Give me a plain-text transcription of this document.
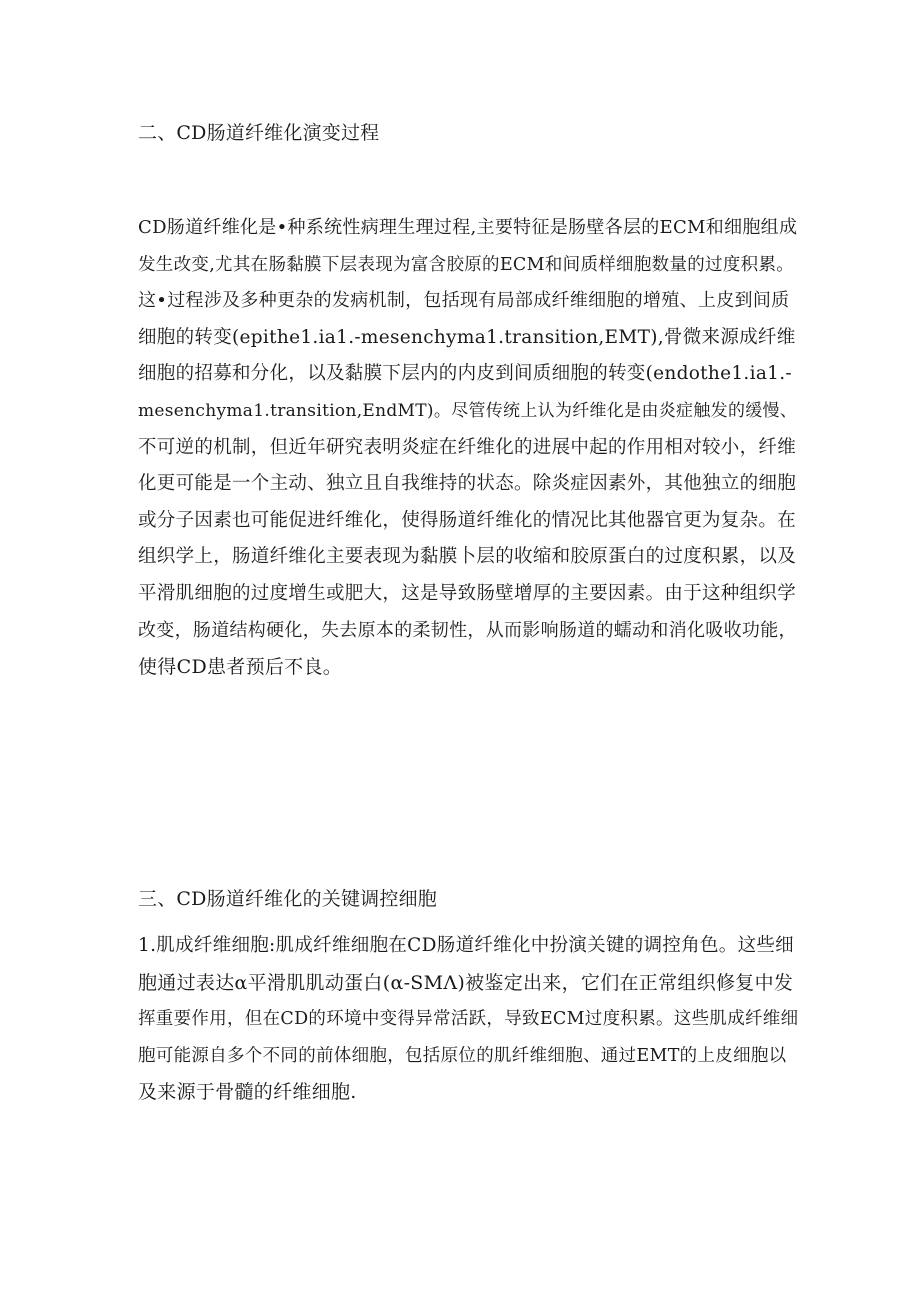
二、CD肠道纤维化演变过程
CD肠道纤维化是•种系统性病理生理过程,主要特征是肠壁各层的ECM和细胞组成
发生改变,尤其在肠黏膜下层表现为富含胶原的ECM和间质样细胞数量的过度积累。
这•过程涉及多种更杂的发病机制，包括现有局部成纤维细胞的增殖、上皮到间质
细胞的转变(epithe1.ia1.-mesenchyma1.transition,EMT),骨微来源成纤维
细胞的招募和分化，以及黏膜下层内的内皮到间质细胞的转变(endothe1.ia1.-
mesenchyma1.transition,EndMT)。尽管传统上认为纤维化是由炎症触发的缓慢、
不可逆的机制，但近年研究表明炎症在纤维化的进展中起的作用相对较小，纤维
化更可能是一个主动、独立且自我维持的状态。除炎症因素外，其他独立的细胞
或分子因素也可能促进纤维化，使得肠道纤维化的情况比其他器官更为复杂。在
组织学上，肠道纤维化主要表现为黏膜卜层的收缩和胶原蛋白的过度积累，以及
平滑肌细胞的过度增生或肥大，这是导致肠壁增厚的主要因素。由于这种组织学
改变，肠道结构硬化，失去原本的柔韧性，从而影响肠道的蠕动和消化吸收功能，
使得CD患者预后不良。
三、CD肠道纤维化的关键调控细胞
1.肌成纤维细胞:肌成纤维细胞在CD肠道纤维化中扮演关键的调控角色。这些细
胞通过表达α平滑肌肌动蛋白(α-SMΛ)被鉴定出来，它们在正常组织修复中发
挥重要作用，但在CD的环境中变得异常活跃，导致ECM过度积累。这些肌成纤维细
胞可能源自多个不同的前体细胞，包括原位的肌纤维细胞、通过EMT的上皮细胞以
及来源于骨髓的纤维细胞.
